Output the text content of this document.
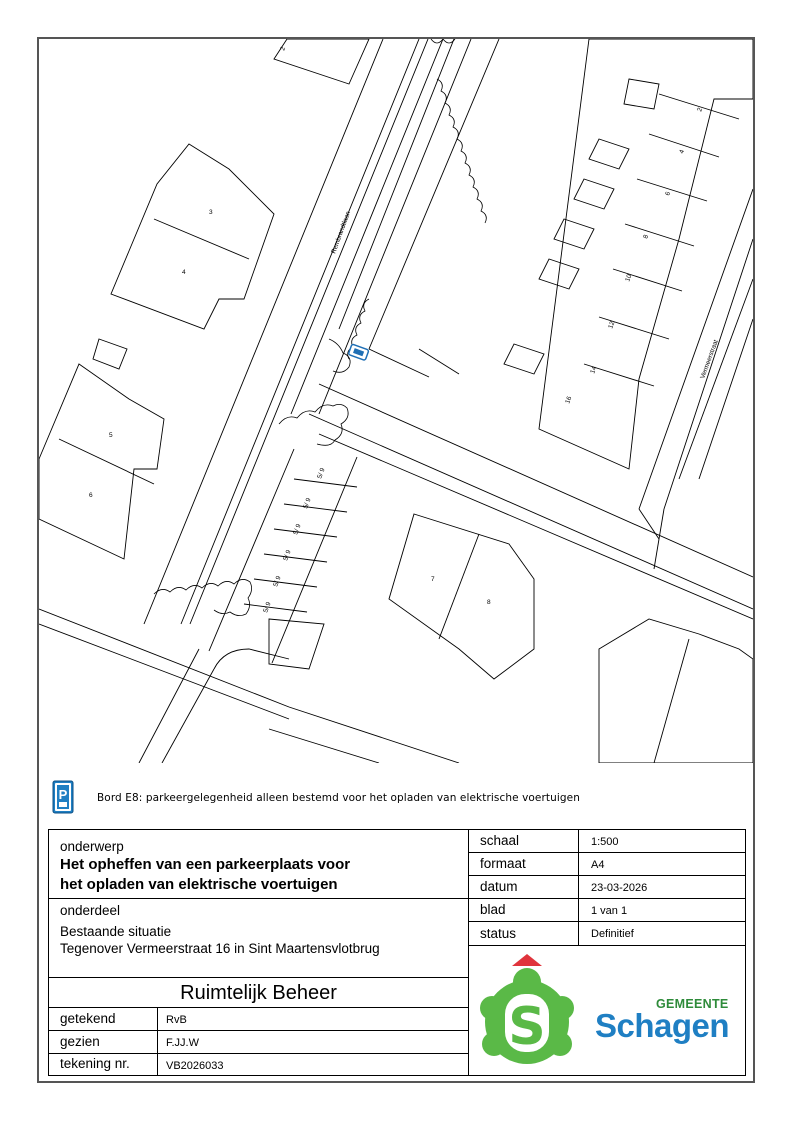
Rembrandtlaan
Vermeerstraat
2
3
4
5
6
7
8
2
4
6
8
10
12
14
16
5/ 9
5/ 9
5/ 9
5/ 9
5/ 9
5/ 9
P	Bord E8: parkeergelegenheid alleen bestemd voor het opladen van elektrische voertuigen
onderwerp
Het opheffen van een parkeerplaats voor
het opladen van elektrische voertuigen
onderdeel
Bestaande situatie
Tegenover Vermeerstraat 16 in Sint Maartensvlotbrug
Ruimtelijk Beheer
getekend	RvB
gezien	F.JJ.W
tekening nr.	VB2026033
schaal	1:500
formaat	A4
datum	23-03-2026
blad	1 van 1
status	Definitief
S	GEMEENTE
Schagen
